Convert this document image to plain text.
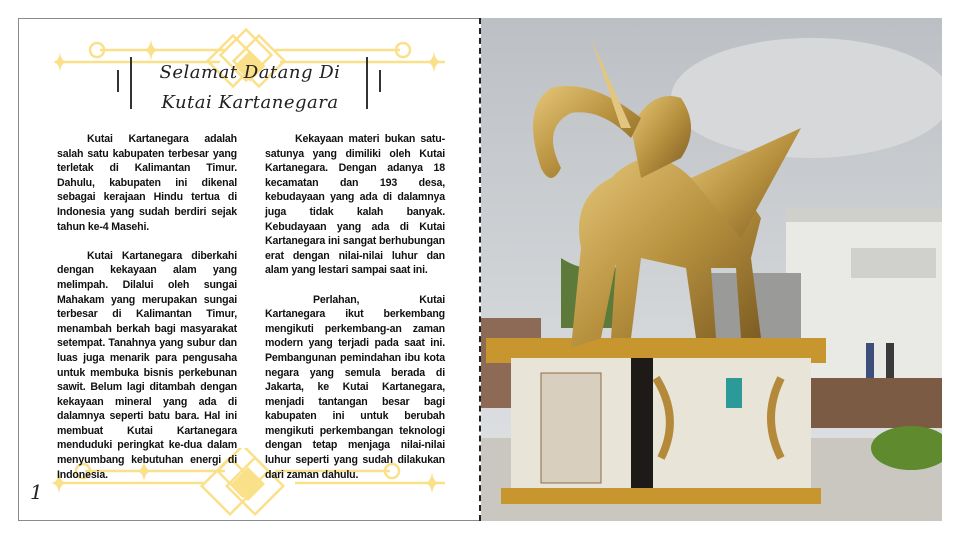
Selamat Datang Di
Kutai Kartanegara

Kutai Kartanegara adalah salah satu kabupaten terbesar yang terletak di Kalimantan Timur. Dahulu, kabupaten ini dikenal sebagai kerajaan Hindu tertua di Indonesia yang sudah berdiri sejak tahun ke-4 Masehi.

Kutai Kartanegara diberkahi dengan kekayaan alam yang melimpah. Dilalui oleh sungai Mahakam yang merupakan sungai terbesar di Kalimantan Timur, menambah berkah bagi masyarakat setempat. Tanahnya yang subur dan luas juga menarik para pengusaha untuk membuka bisnis perkebunan sawit. Belum lagi ditambah dengan kekayaan mineral yang ada di dalamnya seperti batu bara. Hal ini membuat Kutai Kartanegara menduduki peringkat ke-dua dalam menyumbang kebutuhan energi di Indonesia.

Kekayaan materi bukan satu-satunya yang dimiliki oleh Kutai Kartanegara. Dengan adanya 18 kecamatan dan 193 desa, kebudayaan yang ada di dalamnya juga tidak kalah banyak. Kebudayaan yang ada di Kutai Kartanegara ini sangat berhubungan erat dengan nilai-nilai luhur dan alam yang lestari sampai saat ini.

Perlahan, Kutai Kartanegara ikut berkembang mengikuti perkembang-an zaman modern yang terjadi pada saat ini. Pembangunan pemindahan ibu kota negara yang semula berada di Jakarta, ke Kutai Kartanegara, menjadi tantangan besar bagi kabupaten ini untuk berubah mengikuti perkembangan teknologi dengan tetap menjaga nilai-nilai luhur seperti yang sudah dilakukan dari zaman dahulu.

1
